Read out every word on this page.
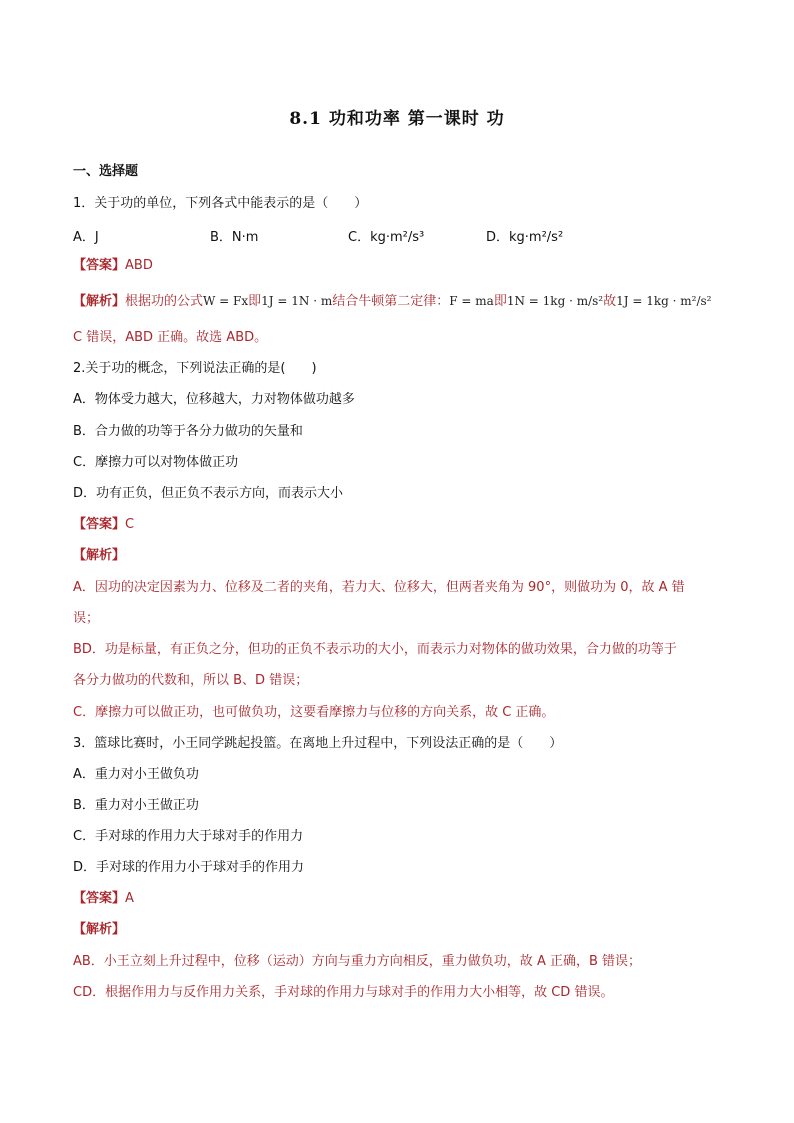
8.1 功和功率 第一课时 功
一、选择题
1．关于功的单位，下列各式中能表示的是（　　）
A．J	B．N·m	C．kg·m²/s³	D．kg·m²/s²
【答案】ABD
【解析】根据功的公式W = Fx即1J = 1N · m结合牛顿第二定律：F = ma即1N = 1kg · m/s²故1J = 1kg · m²/s²
C 错误，ABD 正确。故选 ABD。
2.关于功的概念，下列说法正确的是(　　)
A．物体受力越大，位移越大，力对物体做功越多
B．合力做的功等于各分力做功的矢量和
C．摩擦力可以对物体做正功
D．功有正负，但正负不表示方向，而表示大小
【答案】C
【解析】
A．因功的决定因素为力、位移及二者的夹角，若力大、位移大，但两者夹角为 90°，则做功为 0，故 A 错
误；
BD．功是标量，有正负之分，但功的正负不表示功的大小，而表示力对物体的做功效果，合力做的功等于
各分力做功的代数和，所以 B、D 错误；
C．摩擦力可以做正功，也可做负功，这要看摩擦力与位移的方向关系，故 C 正确。
3．篮球比赛时，小王同学跳起投篮。在离地上升过程中，下列设法正确的是（　　）
A．重力对小王做负功
B．重力对小王做正功
C．手对球的作用力大于球对手的作用力
D．手对球的作用力小于球对手的作用力
【答案】A
【解析】
AB．小王立刻上升过程中，位移（运动）方向与重力方向相反，重力做负功，故 A 正确，B 错误；
CD．根据作用力与反作用力关系，手对球的作用力与球对手的作用力大小相等，故 CD 错误。
